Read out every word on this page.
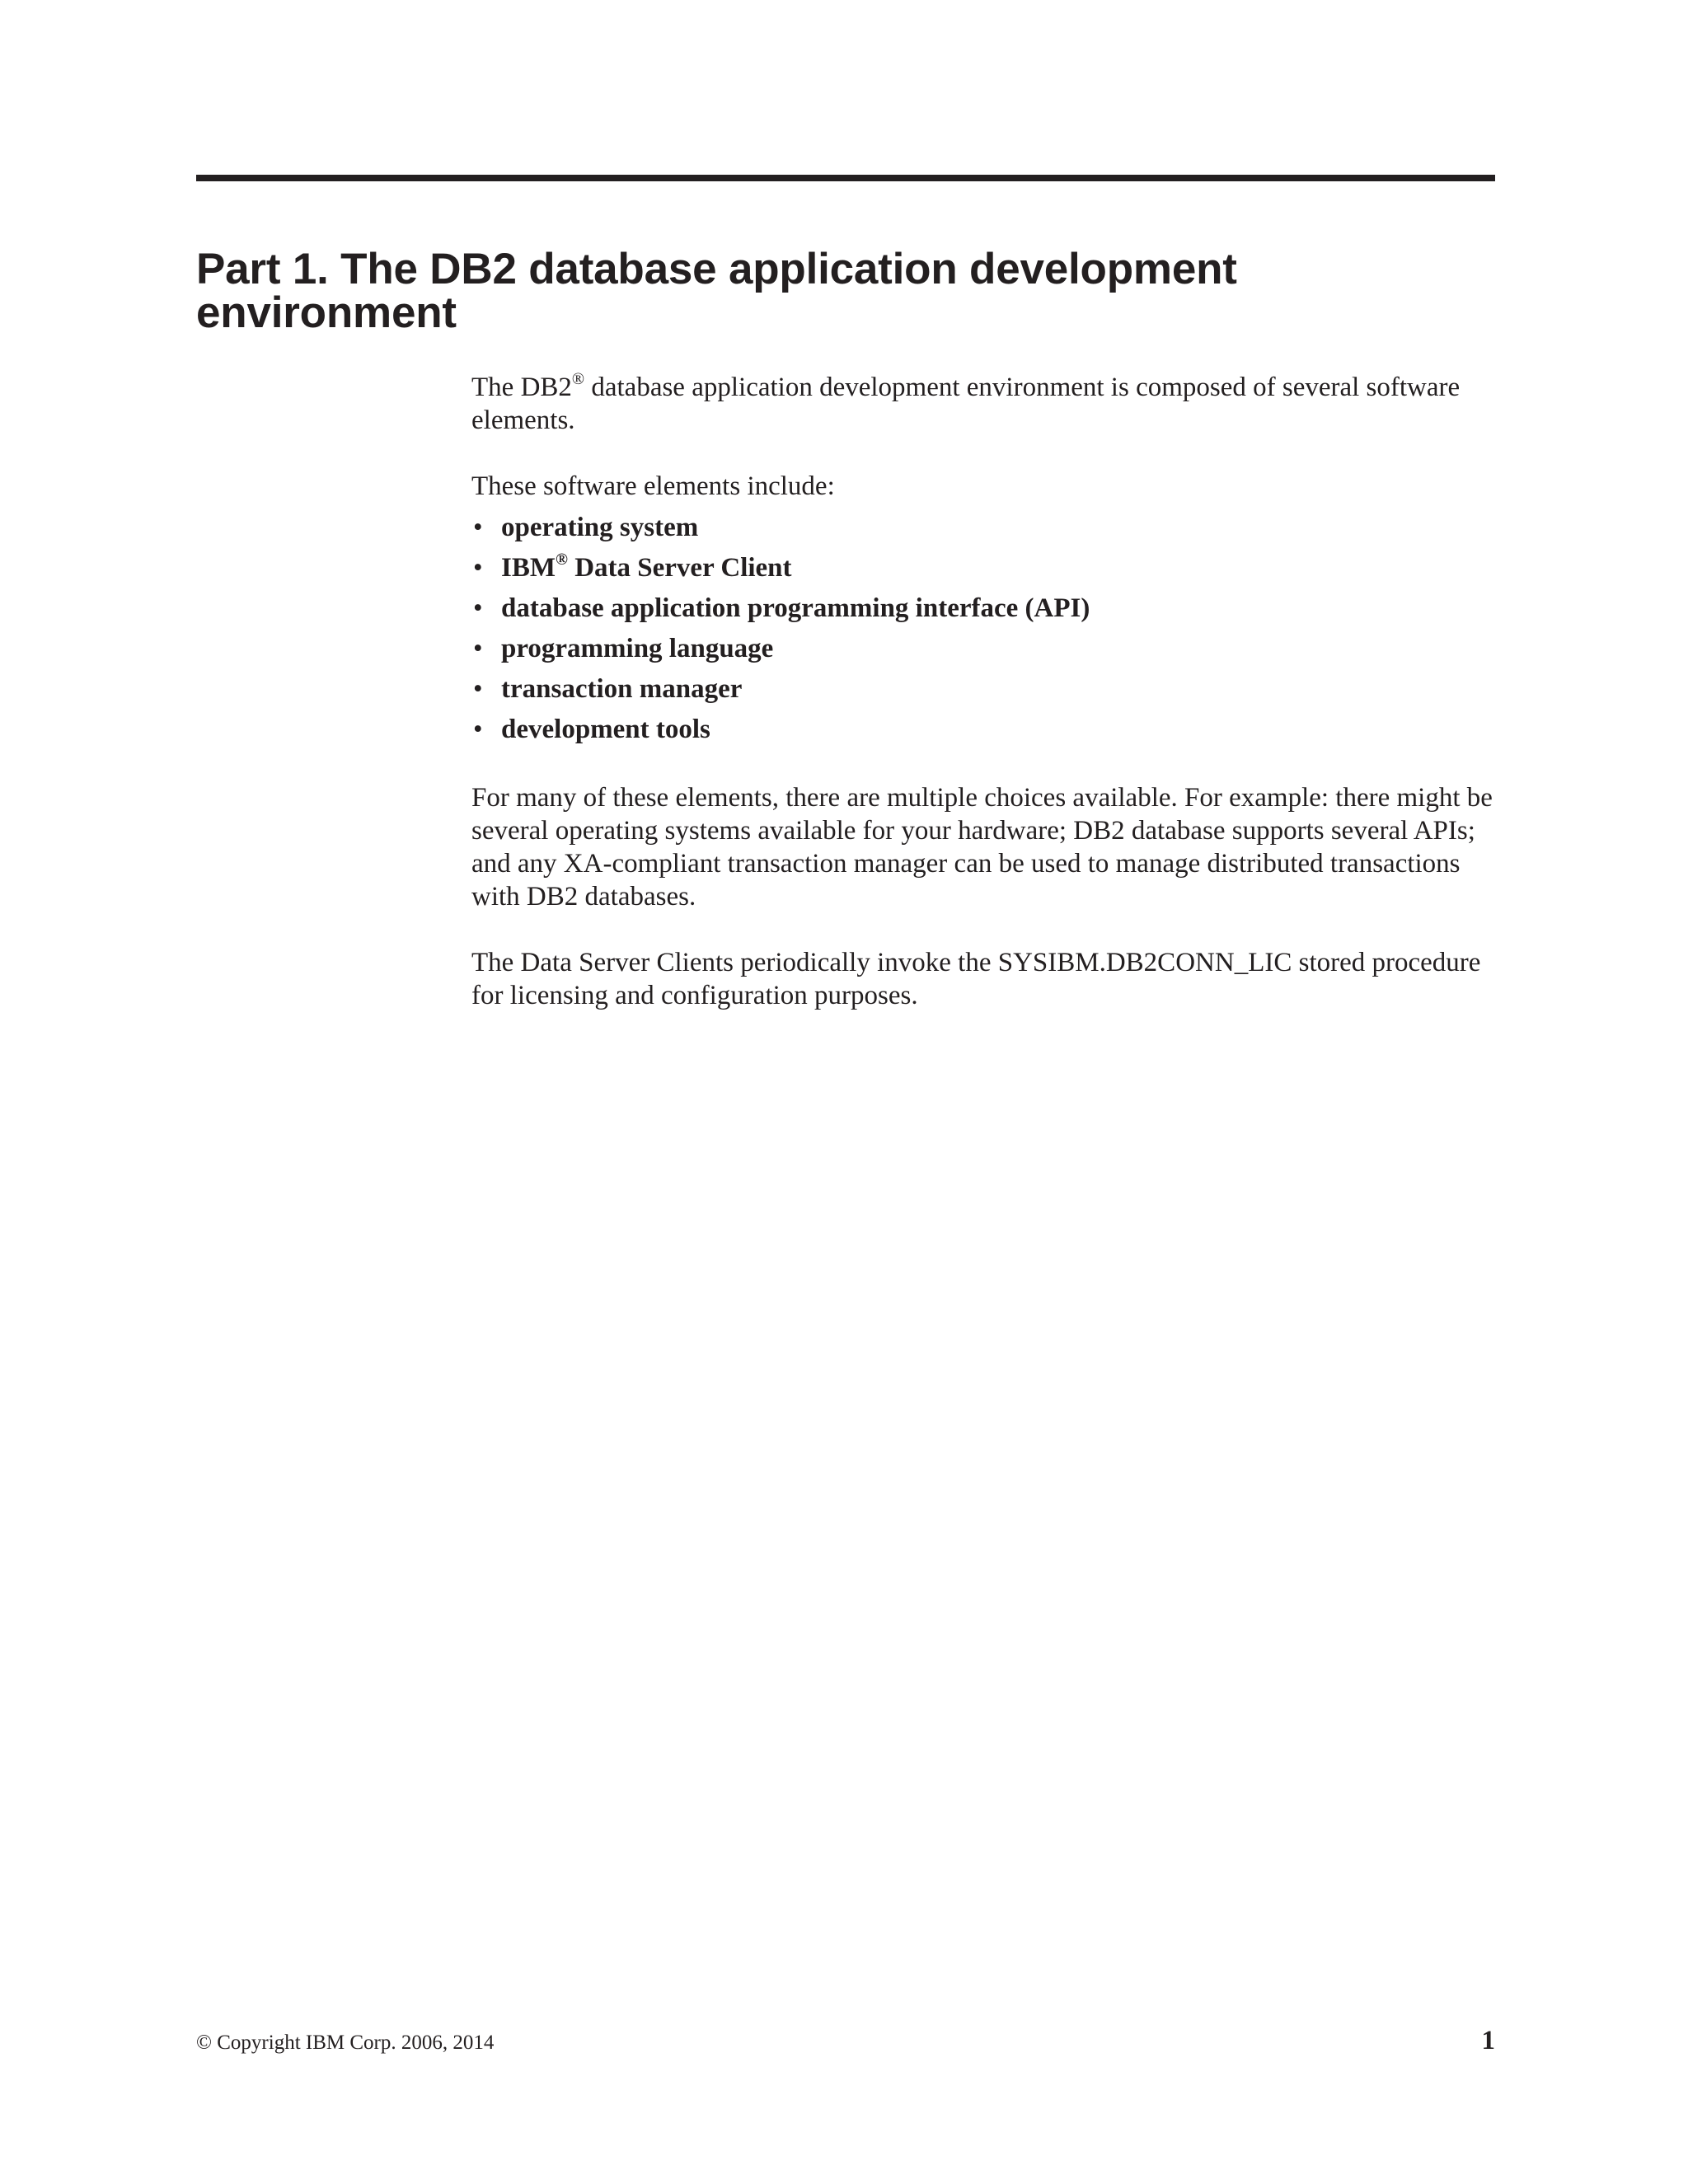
Part 1. The DB2 database application development environment

The DB2® database application development environment is composed of several software elements.

These software elements include:

• operating system
• IBM® Data Server Client
• database application programming interface (API)
• programming language
• transaction manager
• development tools

For many of these elements, there are multiple choices available. For example: there might be several operating systems available for your hardware; DB2 database supports several APIs; and any XA-compliant transaction manager can be used to manage distributed transactions with DB2 databases.

The Data Server Clients periodically invoke the SYSIBM.DB2CONN_LIC stored procedure for licensing and configuration purposes.

© Copyright IBM Corp. 2006, 2014	1
